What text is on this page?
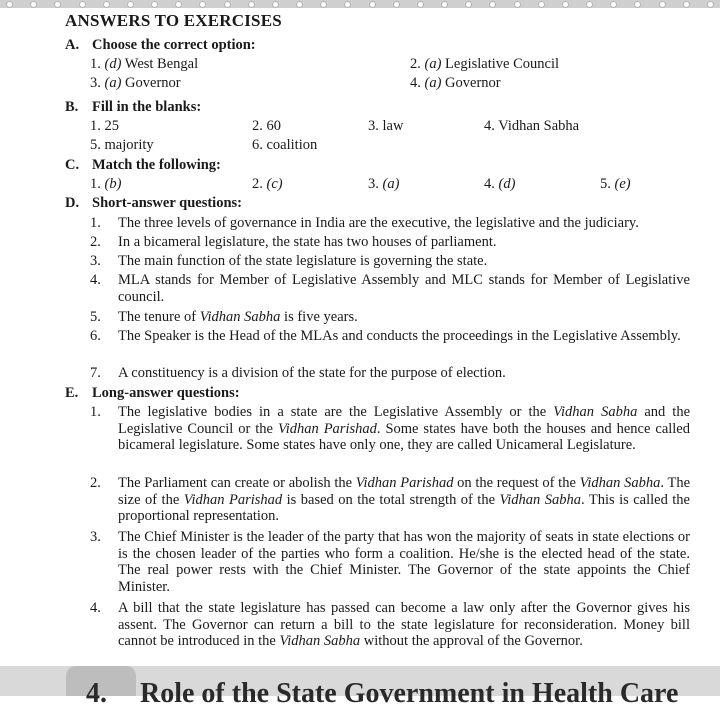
ANSWERS TO EXERCISES
A. Choose the correct option:
1. (d) West Bengal	2. (a) Legislative Council
3. (a) Governor	4. (a) Governor
B. Fill in the blanks:
1. 25	2. 60	3. law	4. Vidhan Sabha
5. majority	6. coalition
C. Match the following:
1. (b)	2. (c)	3. (a)	4. (d)	5. (e)
D. Short-answer questions:
1. The three levels of governance in India are the executive, the legislative and the judiciary.

2. In a bicameral legislature, the state has two houses of parliament.

3. The main function of the state legislature is governing the state.

4. MLA stands for Member of Legislative Assembly and MLC stands for Member of Legislative council.

5. The tenure of Vidhan Sabha is five years.

6. The Speaker is the Head of the MLAs and conducts the proceedings in the Legislative Assembly.

7. A constituency is a division of the state for the purpose of election.

E. Long-answer questions:
1. The legislative bodies in a state are the Legislative Assembly or the Vidhan Sabha and the Legislative Council or the Vidhan Parishad. Some states have both the houses and hence called bicameral legislature. Some states have only one, they are called Unicameral Legislature.

2. The Parliament can create or abolish the Vidhan Parishad on the request of the Vidhan Sabha. The size of the Vidhan Parishad is based on the total strength of the Vidhan Sabha. This is called the proportional representation.

3. The Chief Minister is the leader of the party that has won the majority of seats in state elections or is the chosen leader of the parties who form a coalition. He/she is the elected head of the state. The real power rests with the Chief Minister. The Governor of the state appoints the Chief Minister.

4. A bill that the state legislature has passed can become a law only after the Governor gives his assent. The Governor can return a bill to the state legislature for reconsideration. Money bill cannot be introduced in the Vidhan Sabha without the approval of the Governor.

4. Role of the State Government in Health Care
